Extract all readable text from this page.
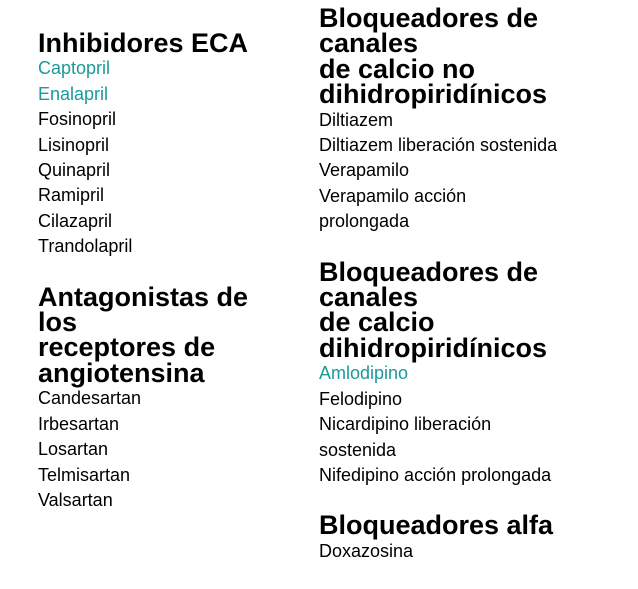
Inhibidores ECA
Captopril
Enalapril
Fosinopril
Lisinopril
Quinapril
Ramipril
Cilazapril
Trandolapril
Antagonistas de los
receptores de
angiotensina
Candesartan
Irbesartan
Losartan
Telmisartan
Valsartan
Bloqueadores de canales
de calcio no
dihidropiridínicos
Diltiazem
Diltiazem liberación sostenida
Verapamilo
Verapamilo acción
prolongada
Bloqueadores de canales
de calcio dihidropiridínicos
Amlodipino
Felodipino
Nicardipino liberación
sostenida
Nifedipino acción prolongada
Bloqueadores alfa
Doxazosina
